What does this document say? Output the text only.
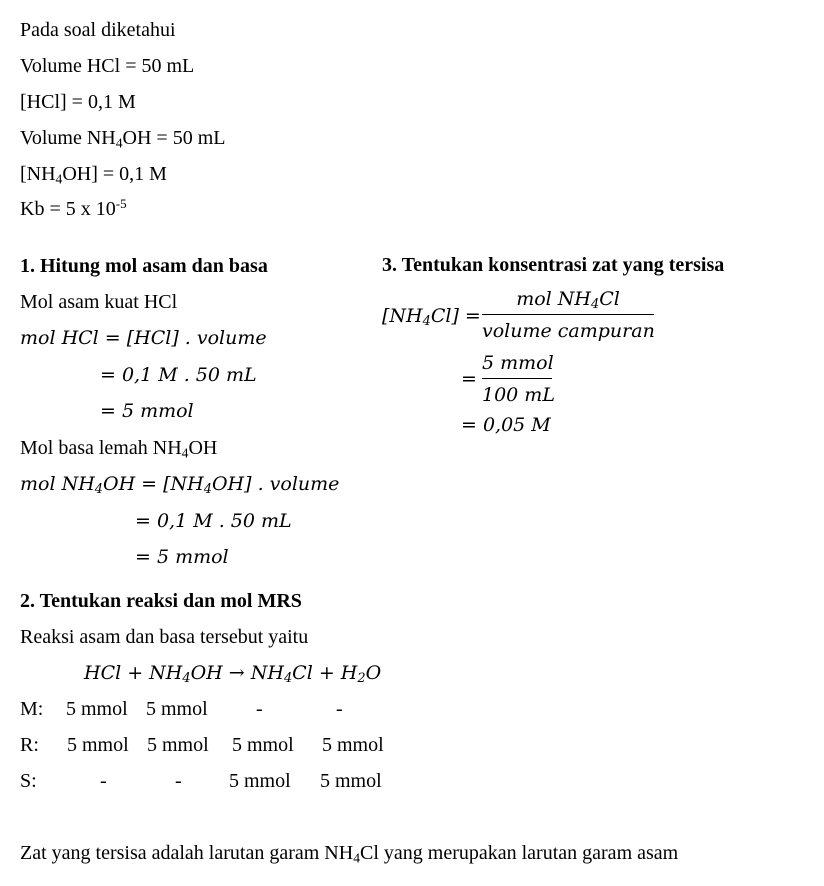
Pada soal diketahui
Volume HCl = 50 mL
[HCl] = 0,1 M
Volume $NH_4OH = 50$ mL
$[NH_4OH] = 0,1$ M
Kb = 5 x $10^{-5}$
1. Hitung mol asam dan basa
Mol asam kuat HCl
mol HCl = [HCl] . volume
= 0,1 M . 50 mL
= 5 mmol
Mol basa lemah $NH_4OH$
mol $NH_4OH = [NH_4OH]$ . volume
= 0,1 M . 50 mL
= 5 mmol
2. Tentukan reaksi dan mol MRS
Reaksi asam dan basa tersebut yaitu
HCl + $NH_4OH \to NH_4Cl + H_2O$
M: 5 mmol 5 mmol -	-
R: 5 mmol 5 mmol 5 mmol 5 mmol
S:	-	- 5 mmol 5 mmol
3. Tentukan konsentrasi zat yang tersisa
$[NH_4Cl]$ =
mol $NH_4Cl$
volume campuran
=
5 mmol
100 mL
= 0,05 M
Zat yang tersisa adalah larutan garam $NH_4Cl$ yang merupakan larutan garam asam
